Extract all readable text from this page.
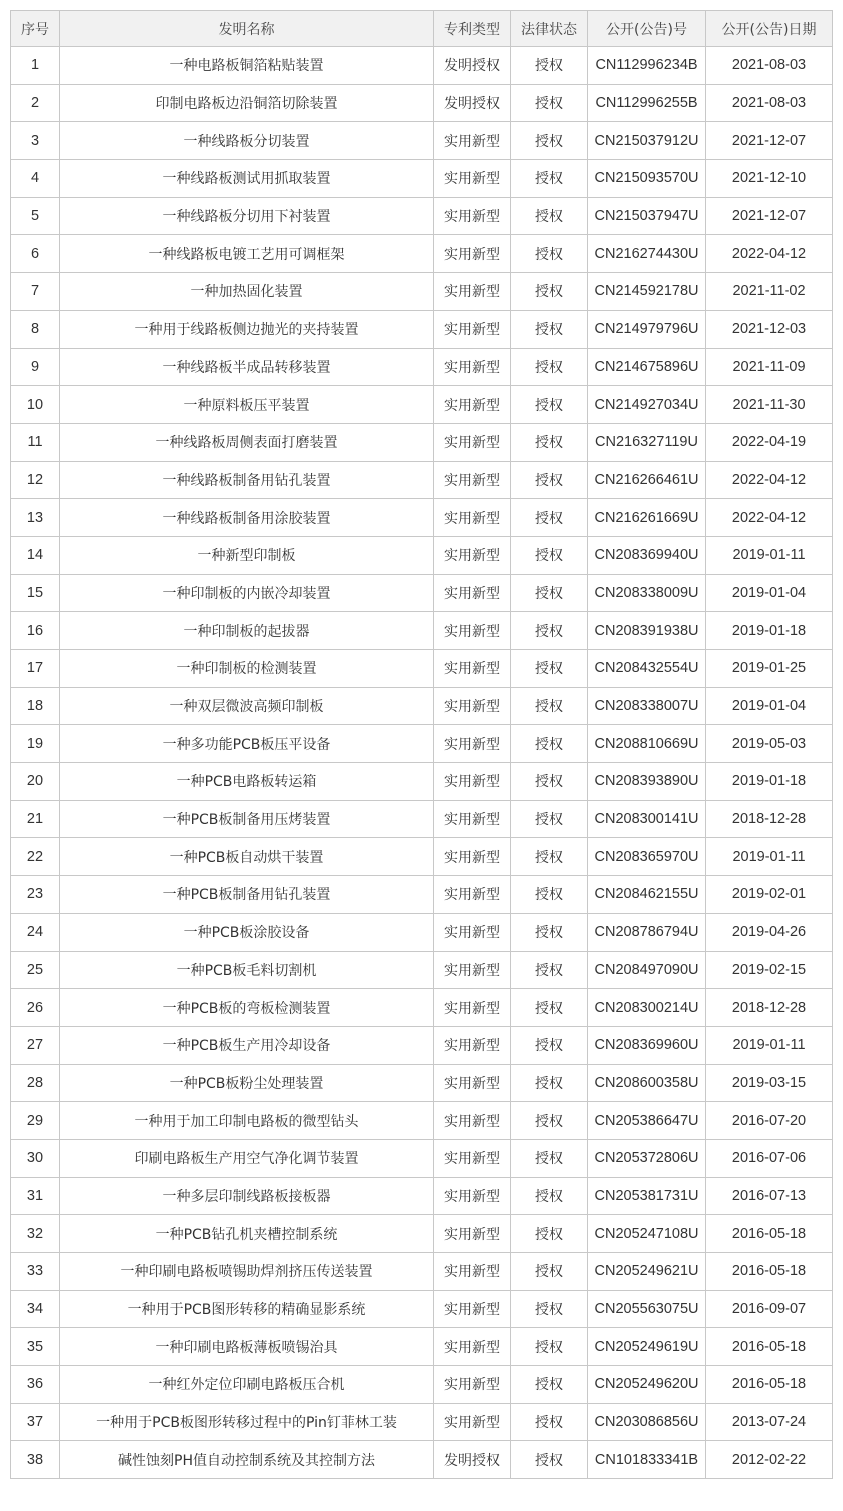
序号	发明名称	专利类型	法律状态	公开(公告)号	公开(公告)日期
1	一种电路板铜箔粘贴装置	发明授权	授权	CN112996234B	2021-08-03
2	印制电路板边沿铜箔切除装置	发明授权	授权	CN112996255B	2021-08-03
3	一种线路板分切装置	实用新型	授权	CN215037912U	2021-12-07
4	一种线路板测试用抓取装置	实用新型	授权	CN215093570U	2021-12-10
5	一种线路板分切用下衬装置	实用新型	授权	CN215037947U	2021-12-07
6	一种线路板电镀工艺用可调框架	实用新型	授权	CN216274430U	2022-04-12
7	一种加热固化装置	实用新型	授权	CN214592178U	2021-11-02
8	一种用于线路板侧边抛光的夹持装置	实用新型	授权	CN214979796U	2021-12-03
9	一种线路板半成品转移装置	实用新型	授权	CN214675896U	2021-11-09
10	一种原料板压平装置	实用新型	授权	CN214927034U	2021-11-30
11	一种线路板周侧表面打磨装置	实用新型	授权	CN216327119U	2022-04-19
12	一种线路板制备用钻孔装置	实用新型	授权	CN216266461U	2022-04-12
13	一种线路板制备用涂胶装置	实用新型	授权	CN216261669U	2022-04-12
14	一种新型印制板	实用新型	授权	CN208369940U	2019-01-11
15	一种印制板的内嵌冷却装置	实用新型	授权	CN208338009U	2019-01-04
16	一种印制板的起拔器	实用新型	授权	CN208391938U	2019-01-18
17	一种印制板的检测装置	实用新型	授权	CN208432554U	2019-01-25
18	一种双层微波高频印制板	实用新型	授权	CN208338007U	2019-01-04
19	一种多功能PCB板压平设备	实用新型	授权	CN208810669U	2019-05-03
20	一种PCB电路板转运箱	实用新型	授权	CN208393890U	2019-01-18
21	一种PCB板制备用压烤装置	实用新型	授权	CN208300141U	2018-12-28
22	一种PCB板自动烘干装置	实用新型	授权	CN208365970U	2019-01-11
23	一种PCB板制备用钻孔装置	实用新型	授权	CN208462155U	2019-02-01
24	一种PCB板涂胶设备	实用新型	授权	CN208786794U	2019-04-26
25	一种PCB板毛料切割机	实用新型	授权	CN208497090U	2019-02-15
26	一种PCB板的弯板检测装置	实用新型	授权	CN208300214U	2018-12-28
27	一种PCB板生产用冷却设备	实用新型	授权	CN208369960U	2019-01-11
28	一种PCB板粉尘处理装置	实用新型	授权	CN208600358U	2019-03-15
29	一种用于加工印制电路板的微型钻头	实用新型	授权	CN205386647U	2016-07-20
30	印刷电路板生产用空气净化调节装置	实用新型	授权	CN205372806U	2016-07-06
31	一种多层印制线路板接板器	实用新型	授权	CN205381731U	2016-07-13
32	一种PCB钻孔机夹槽控制系统	实用新型	授权	CN205247108U	2016-05-18
33	一种印刷电路板喷锡助焊剂挤压传送装置	实用新型	授权	CN205249621U	2016-05-18
34	一种用于PCB图形转移的精确显影系统	实用新型	授权	CN205563075U	2016-09-07
35	一种印刷电路板薄板喷锡治具	实用新型	授权	CN205249619U	2016-05-18
36	一种红外定位印刷电路板压合机	实用新型	授权	CN205249620U	2016-05-18
37	一种用于PCB板图形转移过程中的Pin钉菲林工装	实用新型	授权	CN203086856U	2013-07-24
38	碱性蚀刻PH值自动控制系统及其控制方法	发明授权	授权	CN101833341B	2012-02-22
